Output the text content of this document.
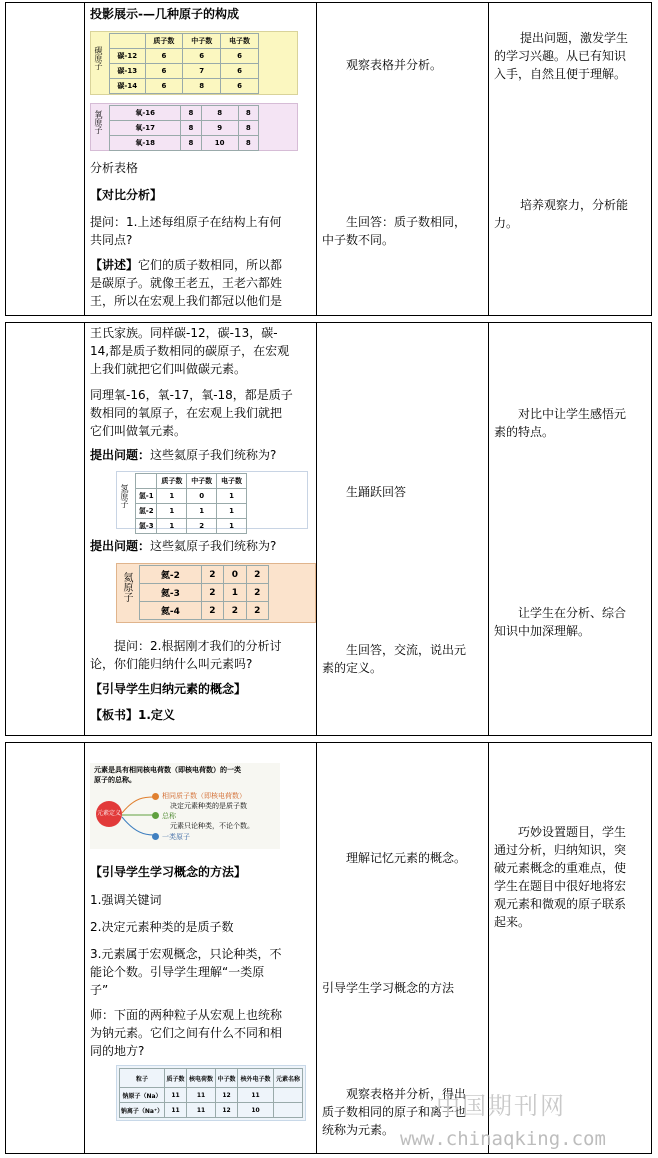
投影展示-—几种原子的构成
碳原子
	质子数	中子数	电子数
碳-12	6	6	6
碳-13	6	7	6
碳-14	6	8	6
氧原子	氧-16	8	8	8
氧-17	8	9	8
氧-18	8	10	8
分析表格
【对比分析】
提问：1.上述每组原子在结构上有何
共同点?
【讲述】它们的质子数相同，所以都
是碳原子。就像王老五，王老六都姓
王，所以在宏观上我们都冠以他们是
观察表格并分析。
生回答：质子数相同，
中子数不同。
提出问题，激发学生
的学习兴趣。从已有知识
入手，自然且便于理解。
培养观察力，分析能
力。
王氏家族。同样碳-12，碳-13，碳-
14,都是质子数相同的碳原子，在宏观
上我们就把它们叫做碳元素。
同理氧-16，氧-17，氧-18，都是质子
数相同的氧原子，在宏观上我们就把
它们叫做氧元素。
提出问题：这些氦原子我们统称为?
氢原子
	质子数	中子数	电子数
氢-1	1	0	1
氢-2	1	1	1
氢-3	1	2	1
提出问题：这些氦原子我们统称为?
氦原子	氦-2	2	0	2
氦-3	2	1	2
氦-4	2	2	2
提问：2.根据刚才我们的分析讨
论，你们能归纳什么叫元素吗?
【引导学生归纳元素的概念】
【板书】1.定义
生踊跃回答
生回答，交流，说出元
素的定义。
对比中让学生感悟元
素的特点。
让学生在分析、综合
知识中加深理解。
元素是具有相同核电荷数（即核电荷数）的一类
原子的总称。
元素定义
相同质子数（即核电荷数）
决定元素种类的是质子数
总称
元素只论种类，不论个数。
一类原子
【引导学生学习概念的方法】
1.强调关键词
2.决定元素种类的是质子数
3.元素属于宏观概念，只论种类，不
能论个数。引导学生理解“一类原
子”
师：下面的两种粒子从宏观上也统称
为钠元素。它们之间有什么不同和相
同的地方?
粒子	质子数	核电荷数	中子数	核外电子数	元素名称
钠原子（Na）	11	11	12	11	
钠离子（Na⁺）	11	11	12	10	
理解记忆元素的概念。
引导学生学习概念的方法
观察表格并分析，得出
质子数相同的原子和离子也
统称为元素。
巧妙设置题目，学生
通过分析，归纳知识，突
破元素概念的重难点，使
学生在题目中很好地将宏
观元素和微观的原子联系
起来。
中国期刊网
www.chinaqking.com
